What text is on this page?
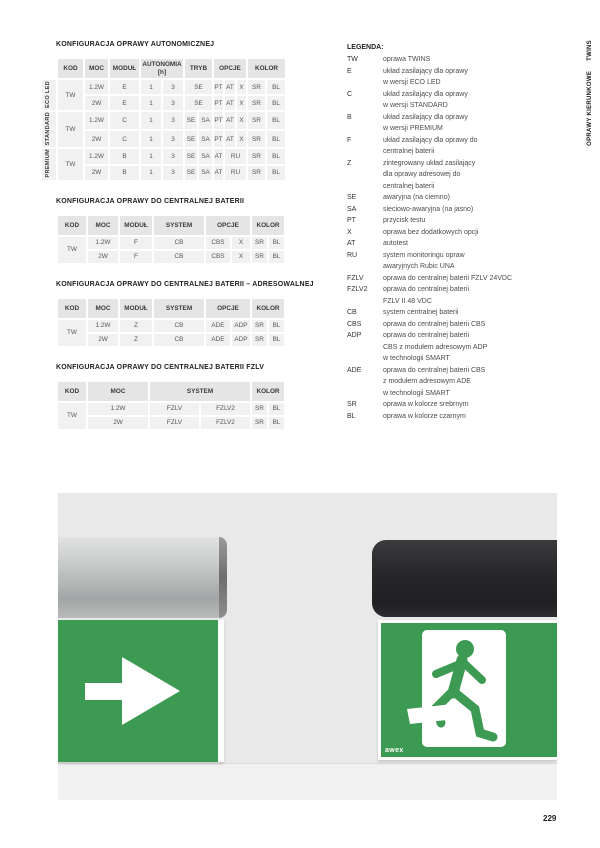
KONFIGURACJA OPRAWY AUTONOMICZNEJ
	KOD	MOC	MODUŁ	AUTONOMIA [h]		TRYB		OPCJE			KOLOR	
ECO LED	TW	1.2W	E	1	3	SE		PT	AT	X	SR	BL
		2W	E	1	3	SE		PT	AT	X	SR	BL
STANDARD	TW	1.2W	C	1	3	SE	SA	PT	AT	X	SR	BL
		2W	C	1	3	SE	SA	PT	AT	X	SR	BL
PREMIUM	TW	1.2W	B	1	3	SE	SA	AT	RU		SR	BL
		2W	B	1	3	SE	SA	AT	RU		SR	BL
KONFIGURACJA OPRAWY DO CENTRALNEJ BATERII
KOD	MOC	MODUŁ	SYSTEM	OPCJE		KOLOR	
TW	1.2W	F	CB	CBS	X	SR	BL
	2W	F	CB	CBS	X	SR	BL
KONFIGURACJA OPRAWY DO CENTRALNEJ BATERII – ADRESOWALNEJ
KOD	MOC	MODUŁ	SYSTEM	OPCJE		KOLOR	
TW	1.2W	Z	CB	ADE	ADP	SR	BL
	2W	Z	CB	ADE	ADP	SR	BL
KONFIGURACJA OPRAWY DO CENTRALNEJ BATERII FZLV
KOD	MOC	SYSTEM		KOLOR	
TW	1.2W	FZLV	FZLV2	SR	BL
	2W	FZLV	FZLV2	SR	BL
LEGENDA:
TW	oprawa TWINS
E	układ zasilający dla oprawy
w wersji ECO LED
C	układ zasilający dla oprawy
w wersji STANDARD
B	układ zasilający dla oprawy
w wersji PREMIUM
F	układ zasilający dla oprawy do
centralnej baterii
Z	zintegrowany układ zasilający
dla oprawy adresowej do
centralnej baterii
SE	awaryjna (na ciemno)
SA	sieciowo-awaryjna (na jasno)
PT	przycisk testu
X	oprawa bez dodatkowych opcji
AT	autotest
RU	system monitoringu opraw
awaryjnych Rubic UNA
FZLV	oprawa do centralnej baterii FZLV 24VDC
FZLV2	oprawa do centralnej baterii
FZLV II 48 VDC
CB	system centralnej baterii
CBS	oprawa do centralnej baterii CBS
ADP	oprawa do centralnej baterii
CBS z modułem adresowym ADP
w technologii SMART
ADE	oprawa do centralnej baterii CBS
z modułem adresowym ADE
w technologii SMART
SR	oprawa w kolorze srebrnym
BL	oprawa w kolorze czarnym
OPRAWY KIERUNKOWETWINS
awex
229
